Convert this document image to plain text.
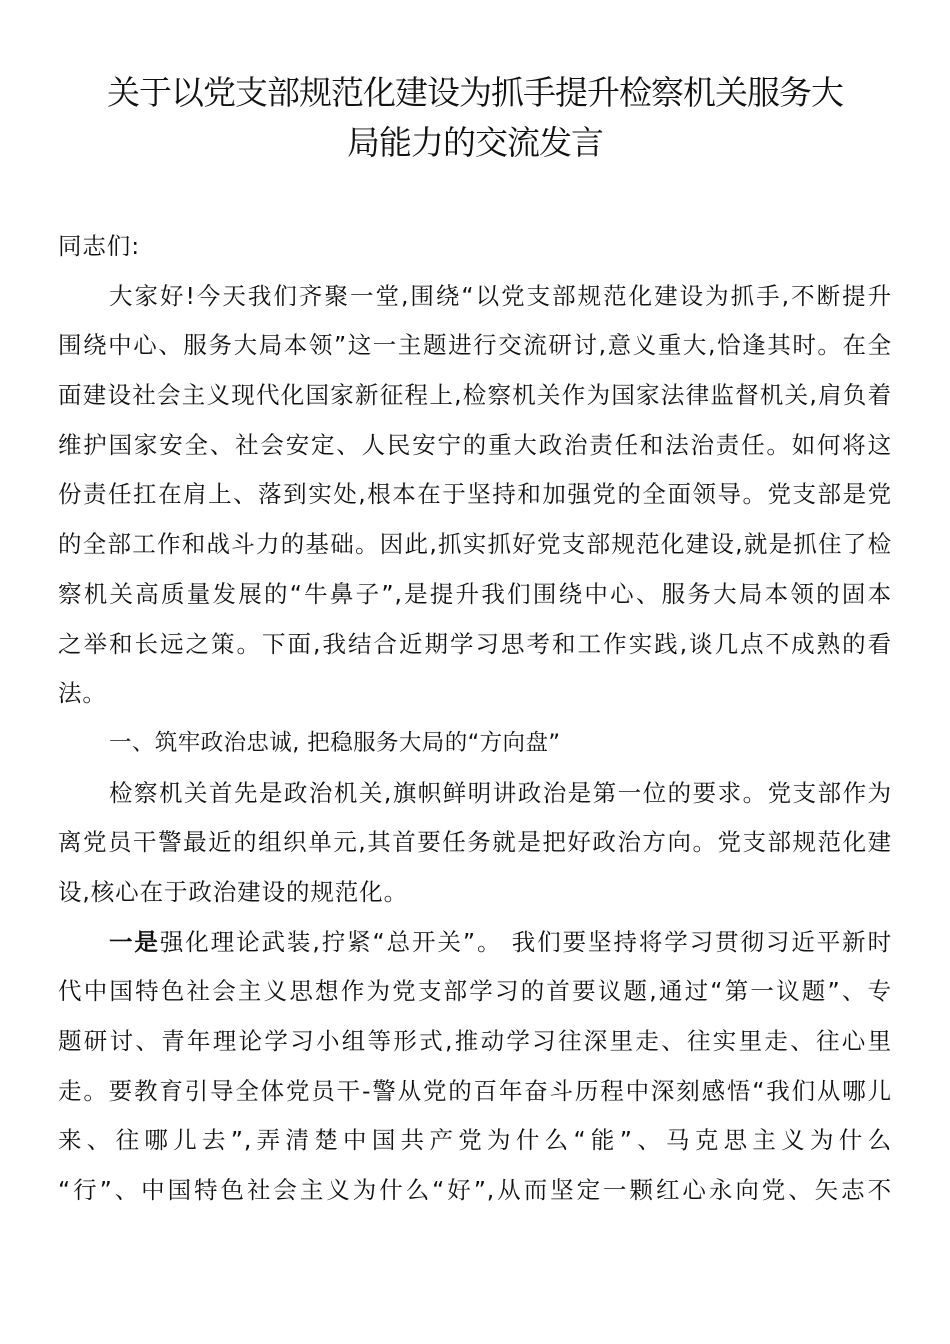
关于以党支部规范化建设为抓手提升检察机关服务大
局能力的交流发言
同志们:
大家好!今天我们齐聚一堂,围绕“以党支部规范化建设为抓手,不断提升
围绕中心、服务大局本领”这一主题进行交流研讨,意义重大,恰逢其时。在全
面建设社会主义现代化国家新征程上,检察机关作为国家法律监督机关,肩负着
维护国家安全、社会安定、人民安宁的重大政治责任和法治责任。如何将这
份责任扛在肩上、落到实处,根本在于坚持和加强党的全面领导。党支部是党
的全部工作和战斗力的基础。因此,抓实抓好党支部规范化建设,就是抓住了检
察机关高质量发展的“牛鼻子”,是提升我们围绕中心、服务大局本领的固本
之举和长远之策。下面,我结合近期学习思考和工作实践,谈几点不成熟的看
法。
一、筑牢政治忠诚, 把稳服务大局的“方向盘”
检察机关首先是政治机关,旗帜鲜明讲政治是第一位的要求。党支部作为
离党员干警最近的组织单元,其首要任务就是把好政治方向。党支部规范化建
设,核心在于政治建设的规范化。
一是强化理论武装,拧紧“总开关”。 我们要坚持将学习贯彻习近平新时
代中国特色社会主义思想作为党支部学习的首要议题,通过“第一议题”、专
题研讨、青年理论学习小组等形式,推动学习往深里走、往实里走、往心里
走。要教育引导全体党员干-警从党的百年奋斗历程中深刻感悟“我们从哪儿
来、往哪儿去”,弄清楚中国共产党为什么“能”、马克思主义为什么
“行”、中国特色社会主义为什么“好”,从而坚定一颗红心永向党、矢志不
